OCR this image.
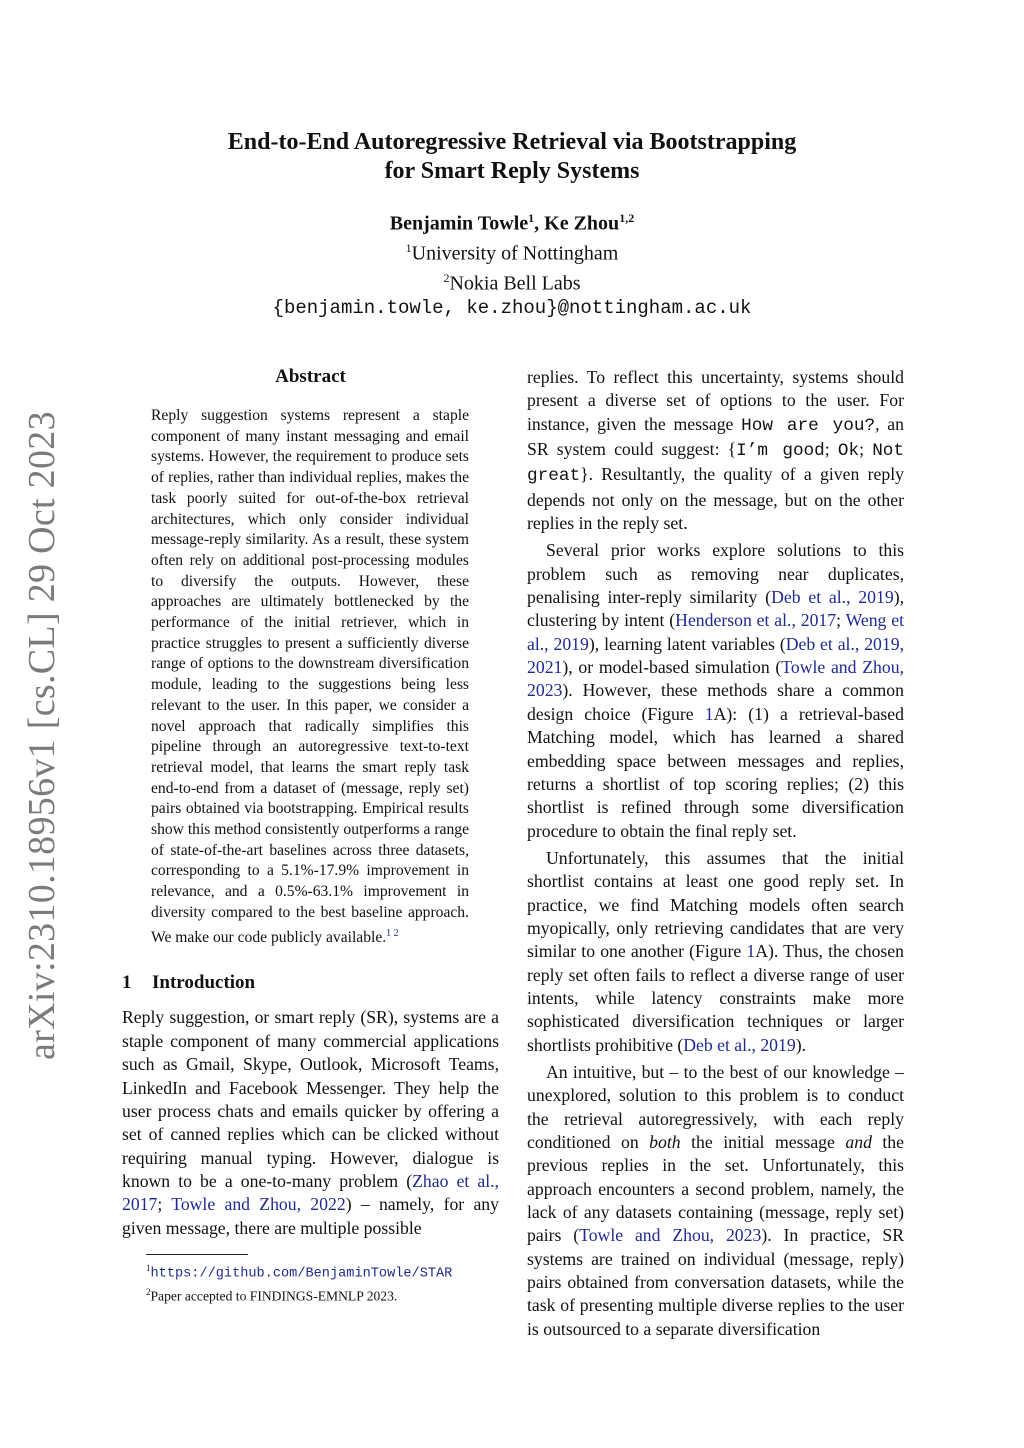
arXiv:2310.18956v1 [cs.CL] 29 Oct 2023
End-to-End Autoregressive Retrieval via Bootstrapping
for Smart Reply Systems
Benjamin Towle$^1$, Ke Zhou$^{1,2}$
$^1$University of Nottingham
$^2$Nokia Bell Labs
{benjamin.towle, ke.zhou}@nottingham.ac.uk
Abstract
Reply suggestion systems represent a staple component of many instant messaging and email systems. However, the requirement to produce sets of replies, rather than individual replies, makes the task poorly suited for out-of-the-box retrieval architectures, which only consider individual message-reply similarity. As a result, these system often rely on additional post-processing modules to diversify the outputs. However, these approaches are ultimately bottlenecked by the performance of the initial retriever, which in practice struggles to present a sufficiently diverse range of options to the downstream diversification module, leading to the suggestions being less relevant to the user. In this paper, we consider a novel approach that radically simplifies this pipeline through an autoregressive text-to-text retrieval model, that learns the smart reply task end-to-end from a dataset of (message, reply set) pairs obtained via bootstrapping. Empirical results show this method consistently outperforms a range of state-of-the-art baselines across three datasets, corresponding to a 5.1%-17.9% improvement in relevance, and a 0.5%-63.1% improvement in diversity compared to the best baseline approach. We make our code publicly available.$^{1 2}$
1 Introduction

Reply suggestion, or smart reply (SR), systems are a staple component of many commercial applications such as Gmail, Skype, Outlook, Microsoft Teams, LinkedIn and Facebook Messenger. They help the user process chats and emails quicker by offering a set of canned replies which can be clicked without requiring manual typing. However, dialogue is known to be a one-to-many problem (Zhao et al., 2017; Towle and Zhou, 2022) – namely, for any given message, there are multiple possible

$^1$https://github.com/BenjaminTowle/STAR
$^2$Paper accepted to FINDINGS-EMNLP 2023.

replies. To reflect this uncertainty, systems should present a diverse set of options to the user. For instance, given the message How are you?, an SR system could suggest: {I’m good; Ok; Not great}. Resultantly, the quality of a given reply depends not only on the message, but on the other replies in the reply set.

Several prior works explore solutions to this problem such as removing near duplicates, penalising inter-reply similarity (Deb et al., 2019), clustering by intent (Henderson et al., 2017; Weng et al., 2019), learning latent variables (Deb et al., 2019, 2021), or model-based simulation (Towle and Zhou, 2023). However, these methods share a common design choice (Figure 1A): (1) a retrieval-based Matching model, which has learned a shared embedding space between messages and replies, returns a shortlist of top scoring replies; (2) this shortlist is refined through some diversification procedure to obtain the final reply set.

Unfortunately, this assumes that the initial shortlist contains at least one good reply set. In practice, we find Matching models often search myopically, only retrieving candidates that are very similar to one another (Figure 1A). Thus, the chosen reply set often fails to reflect a diverse range of user intents, while latency constraints make more sophisticated diversification techniques or larger shortlists prohibitive (Deb et al., 2019).

An intuitive, but – to the best of our knowledge – unexplored, solution to this problem is to conduct the retrieval autoregressively, with each reply conditioned on both the initial message and the previous replies in the set. Unfortunately, this approach encounters a second problem, namely, the lack of any datasets containing (message, reply set) pairs (Towle and Zhou, 2023). In practice, SR systems are trained on individual (message, reply) pairs obtained from conversation datasets, while the task of presenting multiple diverse replies to the user is outsourced to a separate diversification
